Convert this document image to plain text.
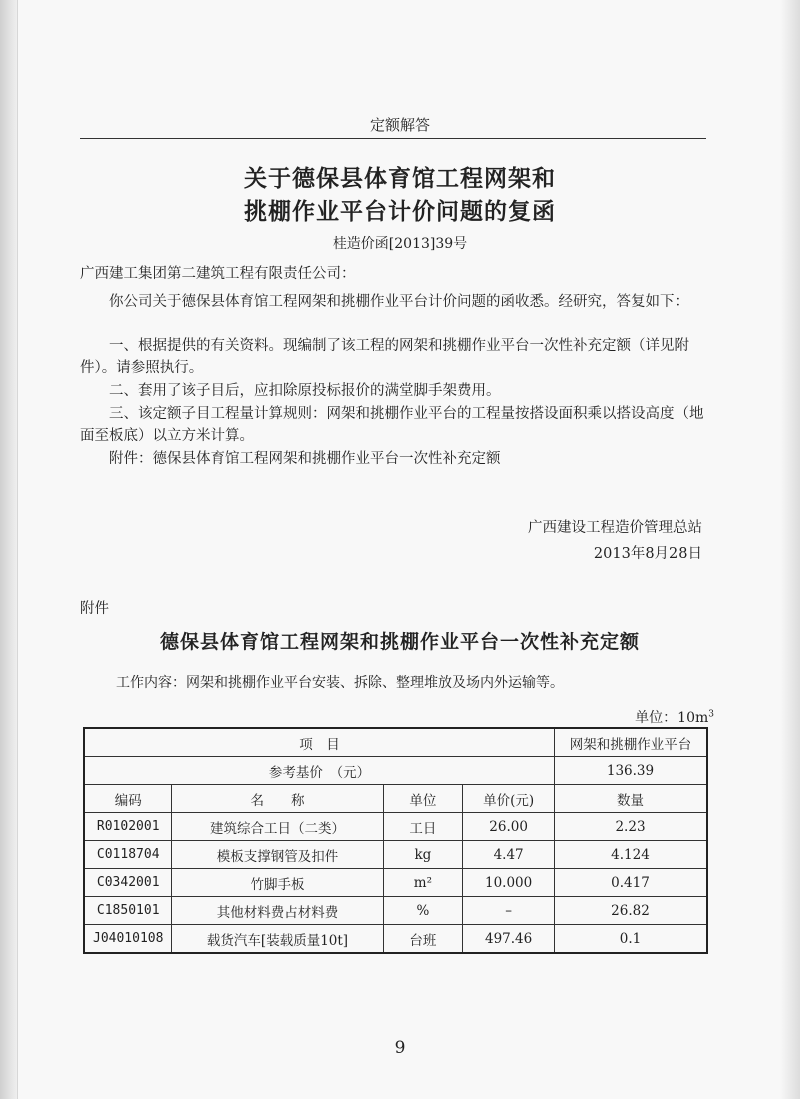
定额解答
关于德保县体育馆工程网架和
挑棚作业平台计价问题的复函
桂造价函[2013]39号
广西建工集团第二建筑工程有限责任公司：
你公司关于德保县体育馆工程网架和挑棚作业平台计价问题的函收悉。经研究，答复如下：
一、根据提供的有关资料。现编制了该工程的网架和挑棚作业平台一次性补充定额（详见附件）。请参照执行。
二、套用了该子目后，应扣除原投标报价的满堂脚手架费用。
三、该定额子目工程量计算规则：网架和挑棚作业平台的工程量按搭设面积乘以搭设高度（地面至板底）以立方米计算。
附件：德保县体育馆工程网架和挑棚作业平台一次性补充定额
广西建设工程造价管理总站
2013年8月28日
附件
德保县体育馆工程网架和挑棚作业平台一次性补充定额
工作内容：网架和挑棚作业平台安装、拆除、整理堆放及场内外运输等。
单位：$10m^3$
项　目				网架和挑棚作业平台
参考基价　（元）				136.39
编码	名　　称	单位	单价(元)	数量
R0102001	建筑综合工日（二类）	工日	26.00	2.23
C0118704	模板支撑钢管及扣件	kg	4.47	4.124
C0342001	竹脚手板	m²	10.000	0.417
C1850101	其他材料费占材料费	%	–	26.82
J04010108	载货汽车[装载质量10t]	台班	497.46	0.1
9
